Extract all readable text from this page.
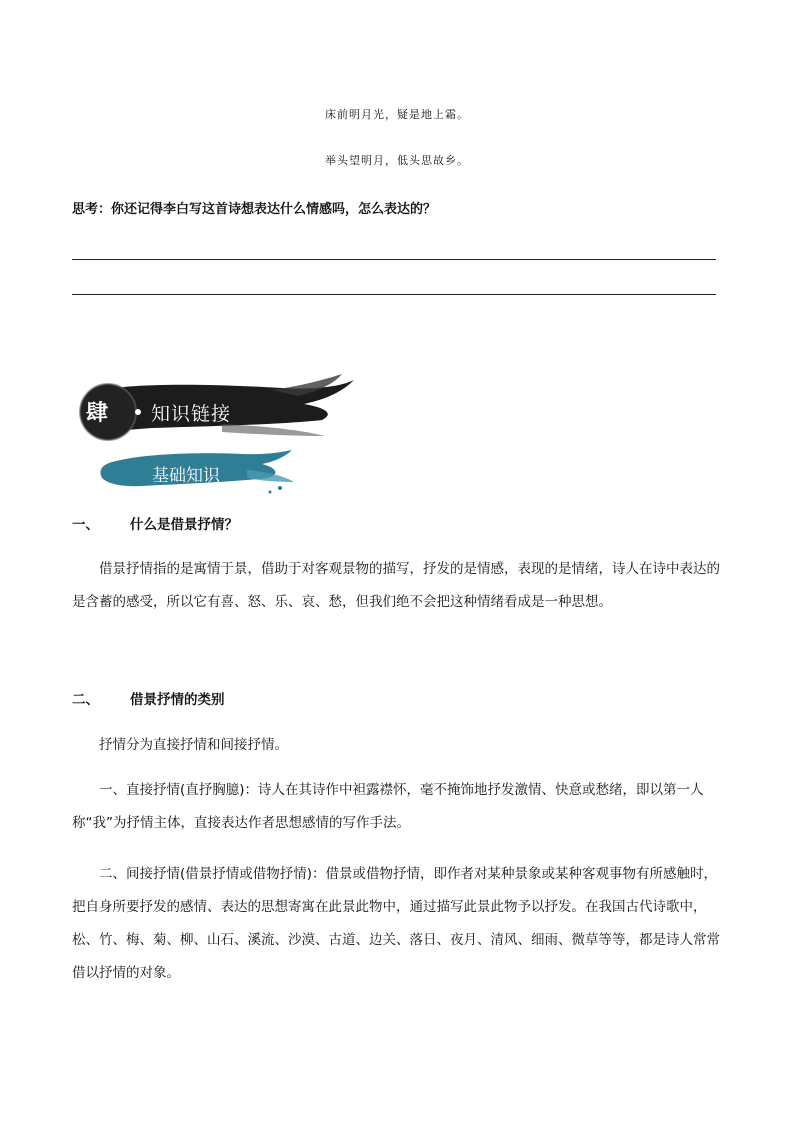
床前明月光，疑是地上霜。
举头望明月，低头思故乡。
思考：你还记得李白写这首诗想表达什么情感吗，怎么表达的？
肆 知识链接
基础知识
一、 什么是借景抒情？

借景抒情指的是寓情于景，借助于对客观景物的描写，抒发的是情感，表现的是情绪，诗人在诗中表达的是含蓄的感受，所以它有喜、怒、乐、哀、愁，但我们绝不会把这种情绪看成是一种思想。

二、 借景抒情的类别

抒情分为直接抒情和间接抒情。

一、直接抒情(直抒胸臆)：诗人在其诗作中袒露襟怀，毫不掩饰地抒发激情、快意或愁绪，即以第一人称“我”为抒情主体，直接表达作者思想感情的写作手法。

二、间接抒情(借景抒情或借物抒情)：借景或借物抒情，即作者对某种景象或某种客观事物有所感触时，把自身所要抒发的感情、表达的思想寄寓在此景此物中，通过描写此景此物予以抒发。在我国古代诗歌中，松、竹、梅、菊、柳、山石、溪流、沙漠、古道、边关、落日、夜月、清风、细雨、微草等等，都是诗人常常借以抒情的对象。
